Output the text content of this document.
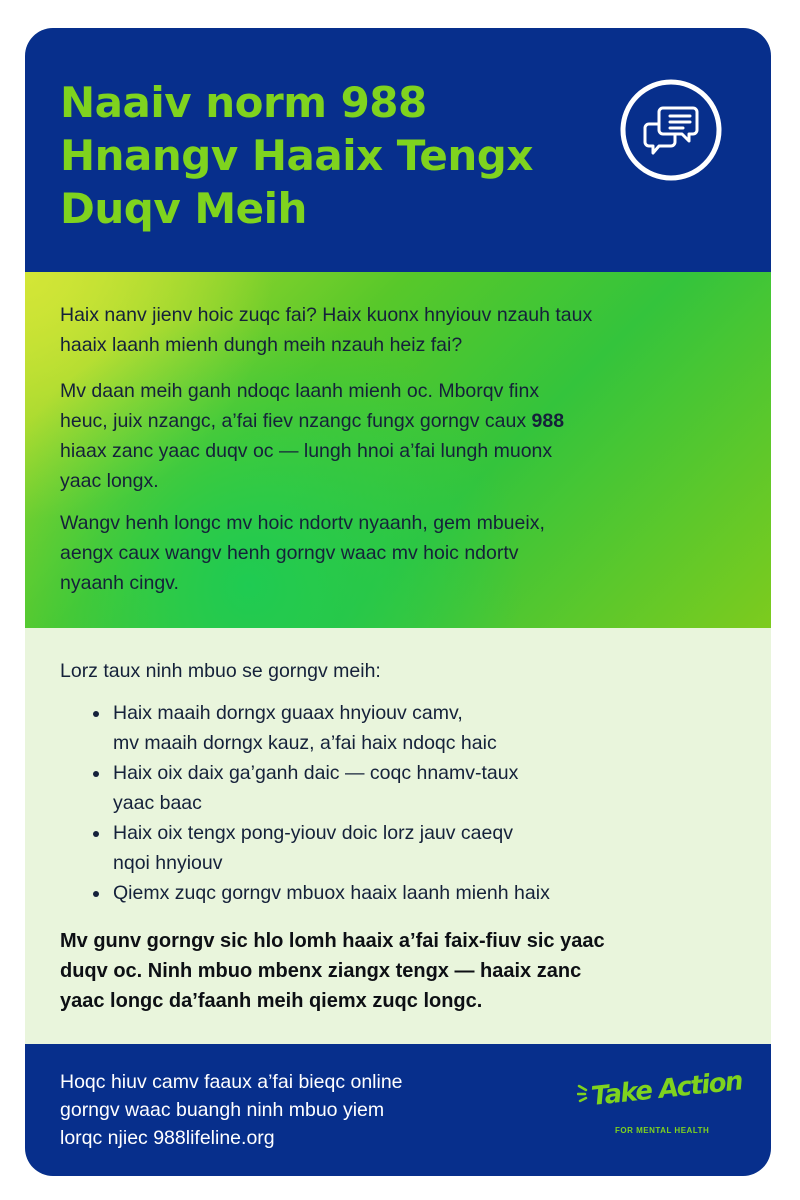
Naaiv norm 988
Hnangv Haaix Tengx
Duqv Meih

Haix nanv jienv hoic zuqc fai? Haix kuonx hnyiouv nzauh taux
haaix laanh mienh dungh meih nzauh heiz fai?

Mv daan meih ganh ndoqc laanh mienh oc. Mborqv finx
heuc, juix nzangc, a’fai fiev nzangc fungx gorngv caux 988
hiaax zanc yaac duqv oc — lungh hnoi a’fai lungh muonx
yaac longx.

Wangv henh longc mv hoic ndortv nyaanh, gem mbueix,
aengx caux wangv henh gorngv waac mv hoic ndortv
nyaanh cingv.

Lorz taux ninh mbuo se gorngv meih:

• Haix maaih dorngx guaax hnyiouv camv,
mv maaih dorngx kauz, a’fai haix ndoqc haic
• Haix oix daix ga’ganh daic — coqc hnamv-taux
yaac baac
• Haix oix tengx pong-yiouv doic lorz jauv caeqv
nqoi hnyiouv
• Qiemx zuqc gorngv mbuox haaix laanh mienh haix

Mv gunv gorngv sic hlo lomh haaix a’fai faix-fiuv sic yaac
duqv oc. Ninh mbuo mbenx ziangx tengx — haaix zanc
yaac longc da’faanh meih qiemx zuqc longc.

Hoqc hiuv camv faaux a’fai bieqc online
gorngv waac buangh ninh mbuo yiem
lorqc njiec 988lifeline.org

Take Action
FOR MENTAL HEALTH
